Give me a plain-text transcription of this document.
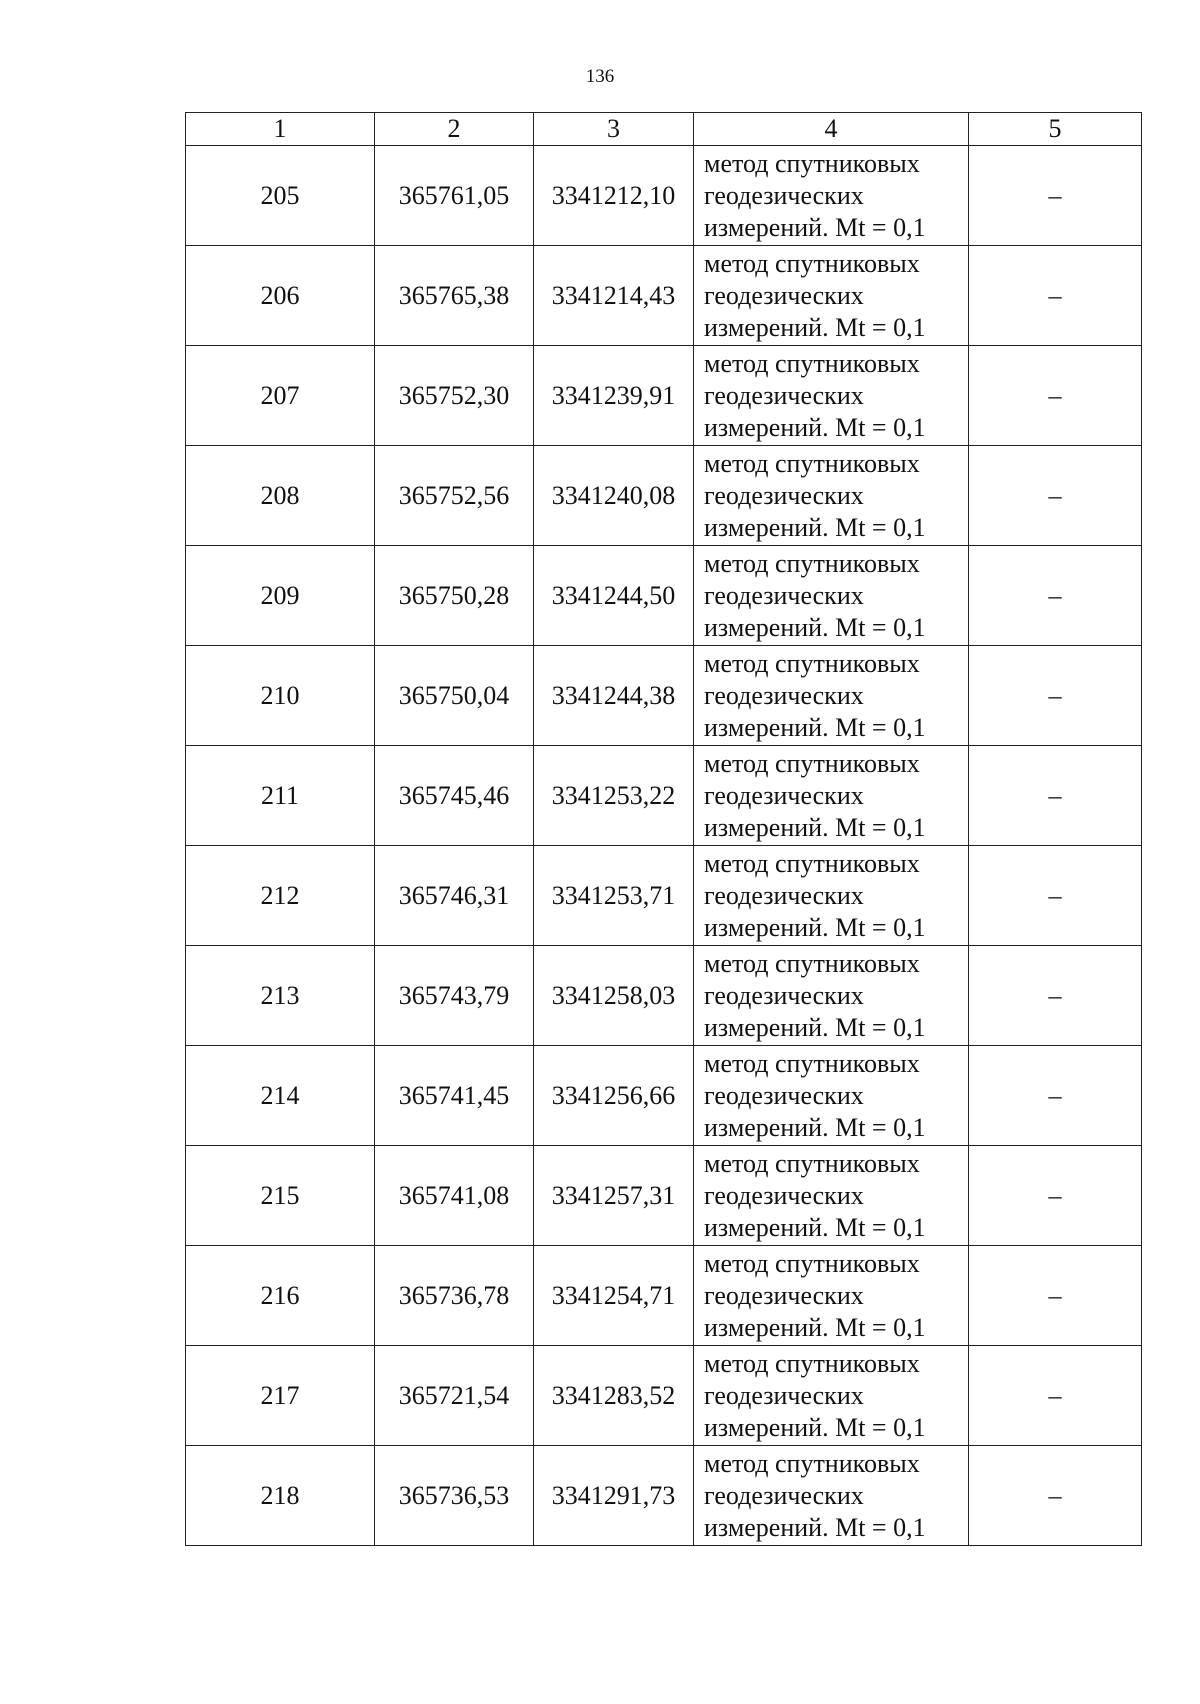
136
1	2	3	4	5
205	365761,05	3341212,10	метод спутниковых
геодезических
измерений. Mt = 0,1	–
206	365765,38	3341214,43	метод спутниковых
геодезических
измерений. Mt = 0,1	–
207	365752,30	3341239,91	метод спутниковых
геодезических
измерений. Mt = 0,1	–
208	365752,56	3341240,08	метод спутниковых
геодезических
измерений. Mt = 0,1	–
209	365750,28	3341244,50	метод спутниковых
геодезических
измерений. Mt = 0,1	–
210	365750,04	3341244,38	метод спутниковых
геодезических
измерений. Mt = 0,1	–
211	365745,46	3341253,22	метод спутниковых
геодезических
измерений. Mt = 0,1	–
212	365746,31	3341253,71	метод спутниковых
геодезических
измерений. Mt = 0,1	–
213	365743,79	3341258,03	метод спутниковых
геодезических
измерений. Mt = 0,1	–
214	365741,45	3341256,66	метод спутниковых
геодезических
измерений. Mt = 0,1	–
215	365741,08	3341257,31	метод спутниковых
геодезических
измерений. Mt = 0,1	–
216	365736,78	3341254,71	метод спутниковых
геодезических
измерений. Mt = 0,1	–
217	365721,54	3341283,52	метод спутниковых
геодезических
измерений. Mt = 0,1	–
218	365736,53	3341291,73	метод спутниковых
геодезических
измерений. Mt = 0,1	–
